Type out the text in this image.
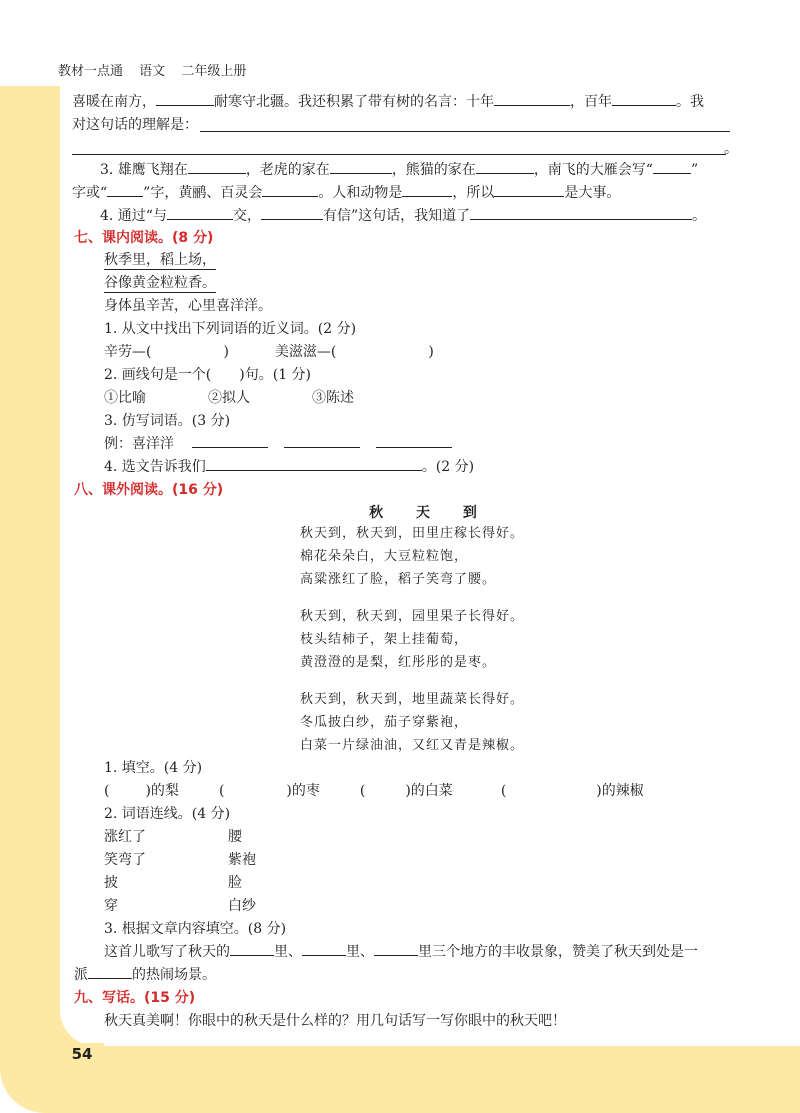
教材一点通 语文 二年级上册
喜暖在南方，	耐寒守北疆。我还积累了带有树的名言：十年	，百年	。我
对这句话的理解是：
。
3. 雄鹰飞翔在	，老虎的家在	，熊猫的家在	，南飞的大雁会写“	”
字或“	”字，黄鹂、百灵会	。人和动物是	，所以	是大事。
4. 通过“与	交，	有信”这句话，我知道了	。
七、课内阅读。(8 分)
秋季里，稻上场，
谷像黄金粒粒香。
身体虽辛苦，心里喜洋洋。
1. 从文中找出下列词语的近义词。(2 分)
辛劳—(	)	美滋滋—(	)
2. 画线句是一个(　　)句。(1 分)
①比喻	②拟人	③陈述
3. 仿写词语。(3 分)
例：喜洋洋
4. 选文告诉我们	。(2 分)
八、课外阅读。(16 分)
秋 天 到
秋天到，秋天到，田里庄稼长得好。
棉花朵朵白，大豆粒粒饱，
高粱涨红了脸，稻子笑弯了腰。
秋天到，秋天到，园里果子长得好。
枝头结柿子，架上挂葡萄，
黄澄澄的是梨，红彤彤的是枣。
秋天到，秋天到，地里蔬菜长得好。
冬瓜披白纱，茄子穿紫袍，
白菜一片绿油油，又红又青是辣椒。
1. 填空。(4 分)
(	)的梨	(	)的枣	(	)的白菜	(	)的辣椒
2. 词语连线。(4 分)
涨红了	腰
笑弯了	紫袍
披	脸
穿	白纱
3. 根据文章内容填空。(8 分)
这首儿歌写了秋天的	里、	里、	里三个地方的丰收景象，赞美了秋天到处是一
派	的热闹场景。
九、写话。(15 分)
秋天真美啊！你眼中的秋天是什么样的？用几句话写一写你眼中的秋天吧！
54
